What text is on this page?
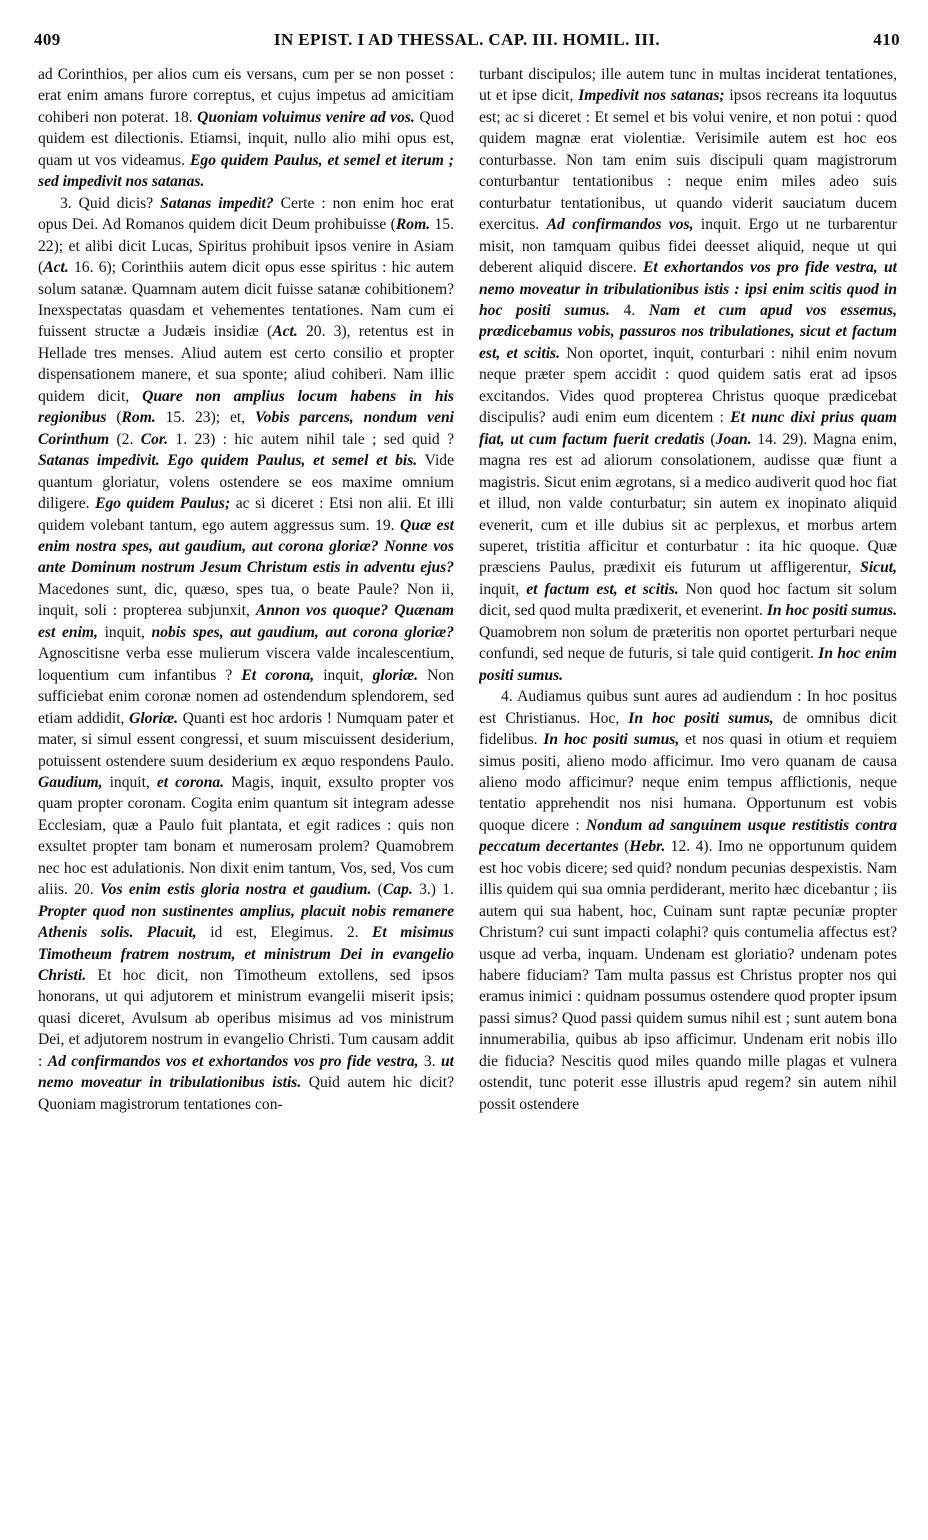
409	IN EPIST. I AD THESSAL. CAP. III. HOMIL. III.	410

ad Corinthios, per alios cum eis versans, cum per se non posset : erat enim amans furore correptus, et cujus impetus ad amicitiam cohiberi non poterat. 18. Quoniam voluimus venire ad vos. Quod quidem est dilectionis. Etiamsi, inquit, nullo alio mihi opus est, quam ut vos videamus. Ego quidem Paulus, et semel et iterum ; sed impedivit nos satanas.

3. Quid dicis? Satanas impedit? Certe : non enim hoc erat opus Dei. Ad Romanos quidem dicit Deum prohibuisse (Rom. 15. 22); et alibi dicit Lucas, Spiritus prohibuit ipsos venire in Asiam (Act. 16. 6); Corinthiis autem dicit opus esse spiritus : hic autem solum satanæ. Quamnam autem dicit fuisse satanæ cohibitionem? Inexspectatas quasdam et vehementes tentationes. Nam cum ei fuissent structæ a Judæis insidiæ (Act. 20. 3), retentus est in Hellade tres menses. Aliud autem est certo consilio et propter dispensationem manere, et sua sponte; aliud cohiberi. Nam illic quidem dicit, Quare non amplius locum habens in his regionibus (Rom. 15. 23); et, Vobis parcens, nondum veni Corinthum (2. Cor. 1. 23) : hic autem nihil tale ; sed quid ? Satanas impedivit. Ego quidem Paulus, et semel et bis. Vide quantum gloriatur, volens ostendere se eos maxime omnium diligere. Ego quidem Paulus; ac si diceret : Etsi non alii. Et illi quidem volebant tantum, ego autem aggressus sum. 19. Quæ est enim nostra spes, aut gaudium, aut corona gloriæ? Nonne vos ante Dominum nostrum Jesum Christum estis in adventu ejus? Macedones sunt, dic, quæso, spes tua, o beate Paule? Non ii, inquit, soli : propterea subjunxit, Annon vos quoque? Quænam est enim, inquit, nobis spes, aut gaudium, aut corona gloriæ? Agnoscitisne verba esse mulierum viscera valde incalescentium, loquentium cum infantibus ? Et corona, inquit, gloriæ. Non sufficiebat enim coronæ nomen ad ostendendum splendorem, sed etiam addidit, Gloriæ. Quanti est hoc ardoris ! Numquam pater et mater, si simul essent congressi, et suum miscuissent desiderium, potuissent ostendere suum desiderium ex æquo respondens Paulo. Gaudium, inquit, et corona. Magis, inquit, exsulto propter vos quam propter coronam. Cogita enim quantum sit integram adesse Ecclesiam, quæ a Paulo fuit plantata, et egit radices : quis non exsultet propter tam bonam et numerosam prolem? Quamobrem nec hoc est adulationis. Non dixit enim tantum, Vos, sed, Vos cum aliis. 20. Vos enim estis gloria nostra et gaudium. (Cap. 3.) 1. Propter quod non sustinentes amplius, placuit nobis remanere Athenis solis. Placuit, id est, Elegimus. 2. Et misimus Timotheum fratrem nostrum, et ministrum Dei in evangelio Christi. Et hoc dicit, non Timotheum extollens, sed ipsos honorans, ut qui adjutorem et ministrum evangelii miserit ipsis; quasi diceret, Avulsum ab operibus misimus ad vos ministrum Dei, et adjutorem nostrum in evangelio Christi. Tum causam addit : Ad confirmandos vos et exhortandos vos pro fide vestra, 3. ut nemo moveatur in tribulationibus istis. Quid autem hic dicit? Quoniam magistrorum tentationes con-

turbant discipulos; ille autem tunc in multas inciderat tentationes, ut et ipse dicit, Impedivit nos satanas; ipsos recreans ita loquutus est; ac si diceret : Et semel et bis volui venire, et non potui : quod quidem magnæ erat violentiæ. Verisimile autem est hoc eos conturbasse. Non tam enim suis discipuli quam magistrorum conturbantur tentationibus : neque enim miles adeo suis conturbatur tentationibus, ut quando viderit sauciatum ducem exercitus. Ad confirmandos vos, inquit. Ergo ut ne turbarentur misit, non tamquam quibus fidei deesset aliquid, neque ut qui deberent aliquid discere. Et exhortandos vos pro fide vestra, ut nemo moveatur in tribulationibus istis : ipsi enim scitis quod in hoc positi sumus. 4. Nam et cum apud vos essemus, prædicebamus vobis, passuros nos tribulationes, sicut et factum est, et scitis. Non oportet, inquit, conturbari : nihil enim novum neque præter spem accidit : quod quidem satis erat ad ipsos excitandos. Vides quod propterea Christus quoque prædicebat discipulis? audi enim eum dicentem : Et nunc dixi prius quam fiat, ut cum factum fuerit credatis (Joan. 14. 29). Magna enim, magna res est ad aliorum consolationem, audisse quæ fiunt a magistris. Sicut enim ægrotans, si a medico audiverit quod hoc fiat et illud, non valde conturbatur; sin autem ex inopinato aliquid evenerit, cum et ille dubius sit ac perplexus, et morbus artem superet, tristitia afficitur et conturbatur : ita hic quoque. Quæ præsciens Paulus, prædixit eis futurum ut affligerentur, Sicut, inquit, et factum est, et scitis. Non quod hoc factum sit solum dicit, sed quod multa prædixerit, et evenerint. In hoc positi sumus. Quamobrem non solum de præteritis non oportet perturbari neque confundi, sed neque de futuris, si tale quid contigerit. In hoc enim positi sumus.

4. Audiamus quibus sunt aures ad audiendum : In hoc positus est Christianus. Hoc, In hoc positi sumus, de omnibus dicit fidelibus. In hoc positi sumus, et nos quasi in otium et requiem simus positi, alieno modo afficimur. Imo vero quanam de causa alieno modo afficimur? neque enim tempus afflictionis, neque tentatio apprehendit nos nisi humana. Opportunum est vobis quoque dicere : Nondum ad sanguinem usque restitistis contra peccatum decertantes (Hebr. 12. 4). Imo ne opportunum quidem est hoc vobis dicere; sed quid? nondum pecunias despexistis. Nam illis quidem qui sua omnia perdiderant, merito hæc dicebantur ; iis autem qui sua habent, hoc, Cuinam sunt raptæ pecuniæ propter Christum? cui sunt impacti colaphi? quis contumelia affectus est? usque ad verba, inquam. Undenam est gloriatio? undenam potes habere fiduciam? Tam multa passus est Christus propter nos qui eramus inimici : quidnam possumus ostendere quod propter ipsum passi simus? Quod passi quidem sumus nihil est ; sunt autem bona innumerabilia, quibus ab ipso afficimur. Undenam erit nobis illo die fiducia? Nescitis quod miles quando mille plagas et vulnera ostendit, tunc poterit esse illustris apud regem? sin autem nihil possit ostendere
